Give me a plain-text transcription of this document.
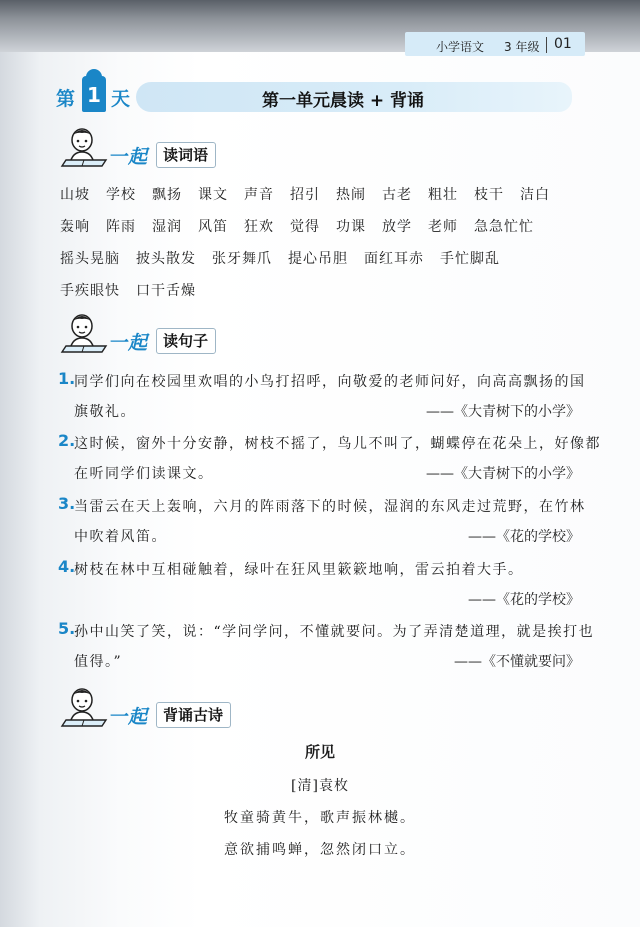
小学语文 3 年级 01
第 1 天	第一单元晨读 + 背诵
一起 读词语
山坡 学校 飘扬 课文 声音 招引 热闹 古老 粗壮 枝干 洁白
轰响 阵雨 湿润 风笛 狂欢 觉得 功课 放学 老师 急急忙忙
摇头晃脑 披头散发 张牙舞爪 提心吊胆 面红耳赤 手忙脚乱
手疾眼快 口干舌燥
一起 读句子
1.
同学们向在校园里欢唱的小鸟打招呼，向敬爱的老师问好，向高高飘扬的国
旗敬礼。	——《大青树下的小学》
2.
这时候，窗外十分安静，树枝不摇了，鸟儿不叫了，蝴蝶停在花朵上，好像都
在听同学们读课文。	——《大青树下的小学》
3.
当雷云在天上轰响，六月的阵雨落下的时候，湿润的东风走过荒野，在竹林
中吹着风笛。	——《花的学校》
4.
树枝在林中互相碰触着，绿叶在狂风里簌簌地响，雷云拍着大手。
——《花的学校》
5.
孙中山笑了笑，说：“学问学问，不懂就要问。为了弄清楚道理，就是挨打也
值得。”	——《不懂就要问》
一起 背诵古诗
所见
[清]袁枚
牧童骑黄牛，歌声振林樾。
意欲捕鸣蝉，忽然闭口立。
